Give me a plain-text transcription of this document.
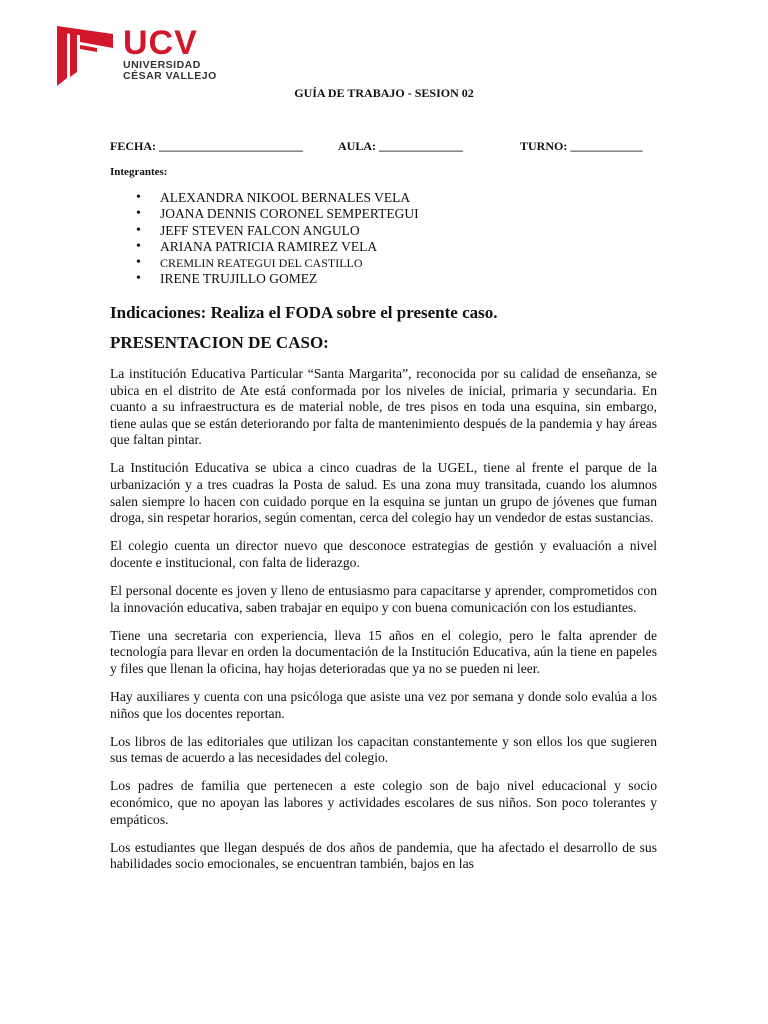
UCV
UNIVERSIDAD
CÉSAR VALLEJO
GUÍA DE TRABAJO - SESION 02
FECHA: ________________________	AULA: ______________	TURNO: ____________
Integrantes:
• ALEXANDRA NIKOOL BERNALES VELA
• JOANA DENNIS CORONEL SEMPERTEGUI
• JEFF STEVEN FALCON ANGULO
• ARIANA PATRICIA RAMIREZ VELA
• CREMLIN REATEGUI DEL CASTILLO
• IRENE TRUJILLO GOMEZ
Indicaciones: Realiza el FODA sobre el presente caso.
PRESENTACION DE CASO:

La institución Educativa Particular “Santa Margarita”, reconocida por su calidad de enseñanza, se ubica en el distrito de Ate está conformada por los niveles de inicial, primaria y secundaria. En cuanto a su infraestructura es de material noble, de tres pisos en toda una esquina, sin embargo, tiene aulas que se están deteriorando por falta de mantenimiento después de la pandemia y hay áreas que faltan pintar.

La Institución Educativa se ubica a cinco cuadras de la UGEL, tiene al frente el parque de la urbanización y a tres cuadras la Posta de salud. Es una zona muy transitada, cuando los alumnos salen siempre lo hacen con cuidado porque en la esquina se juntan un grupo de jóvenes que fuman droga, sin respetar horarios, según comentan, cerca del colegio hay un vendedor de estas sustancias.

El colegio cuenta un director nuevo que desconoce estrategias de gestión y evaluación a nivel docente e institucional, con falta de liderazgo.

El personal docente es joven y lleno de entusiasmo para capacitarse y aprender, comprometidos con la innovación educativa, saben trabajar en equipo y con buena comunicación con los estudiantes.

Tiene una secretaria con experiencia, lleva 15 años en el colegio, pero le falta aprender de tecnología para llevar en orden la documentación de la Institución Educativa, aún la tiene en papeles y files que llenan la oficina, hay hojas deterioradas que ya no se pueden ni leer.

Hay auxiliares y cuenta con una psicóloga que asiste una vez por semana y donde solo evalúa a los niños que los docentes reportan.

Los libros de las editoriales que utilizan los capacitan constantemente y son ellos los que sugieren sus temas de acuerdo a las necesidades del colegio.

Los padres de familia que pertenecen a este colegio son de bajo nivel educacional y socio económico, que no apoyan las labores y actividades escolares de sus niños. Son poco tolerantes y empáticos.

Los estudiantes que llegan después de dos años de pandemia, que ha afectado el desarrollo de sus habilidades socio emocionales, se encuentran también, bajos en las
